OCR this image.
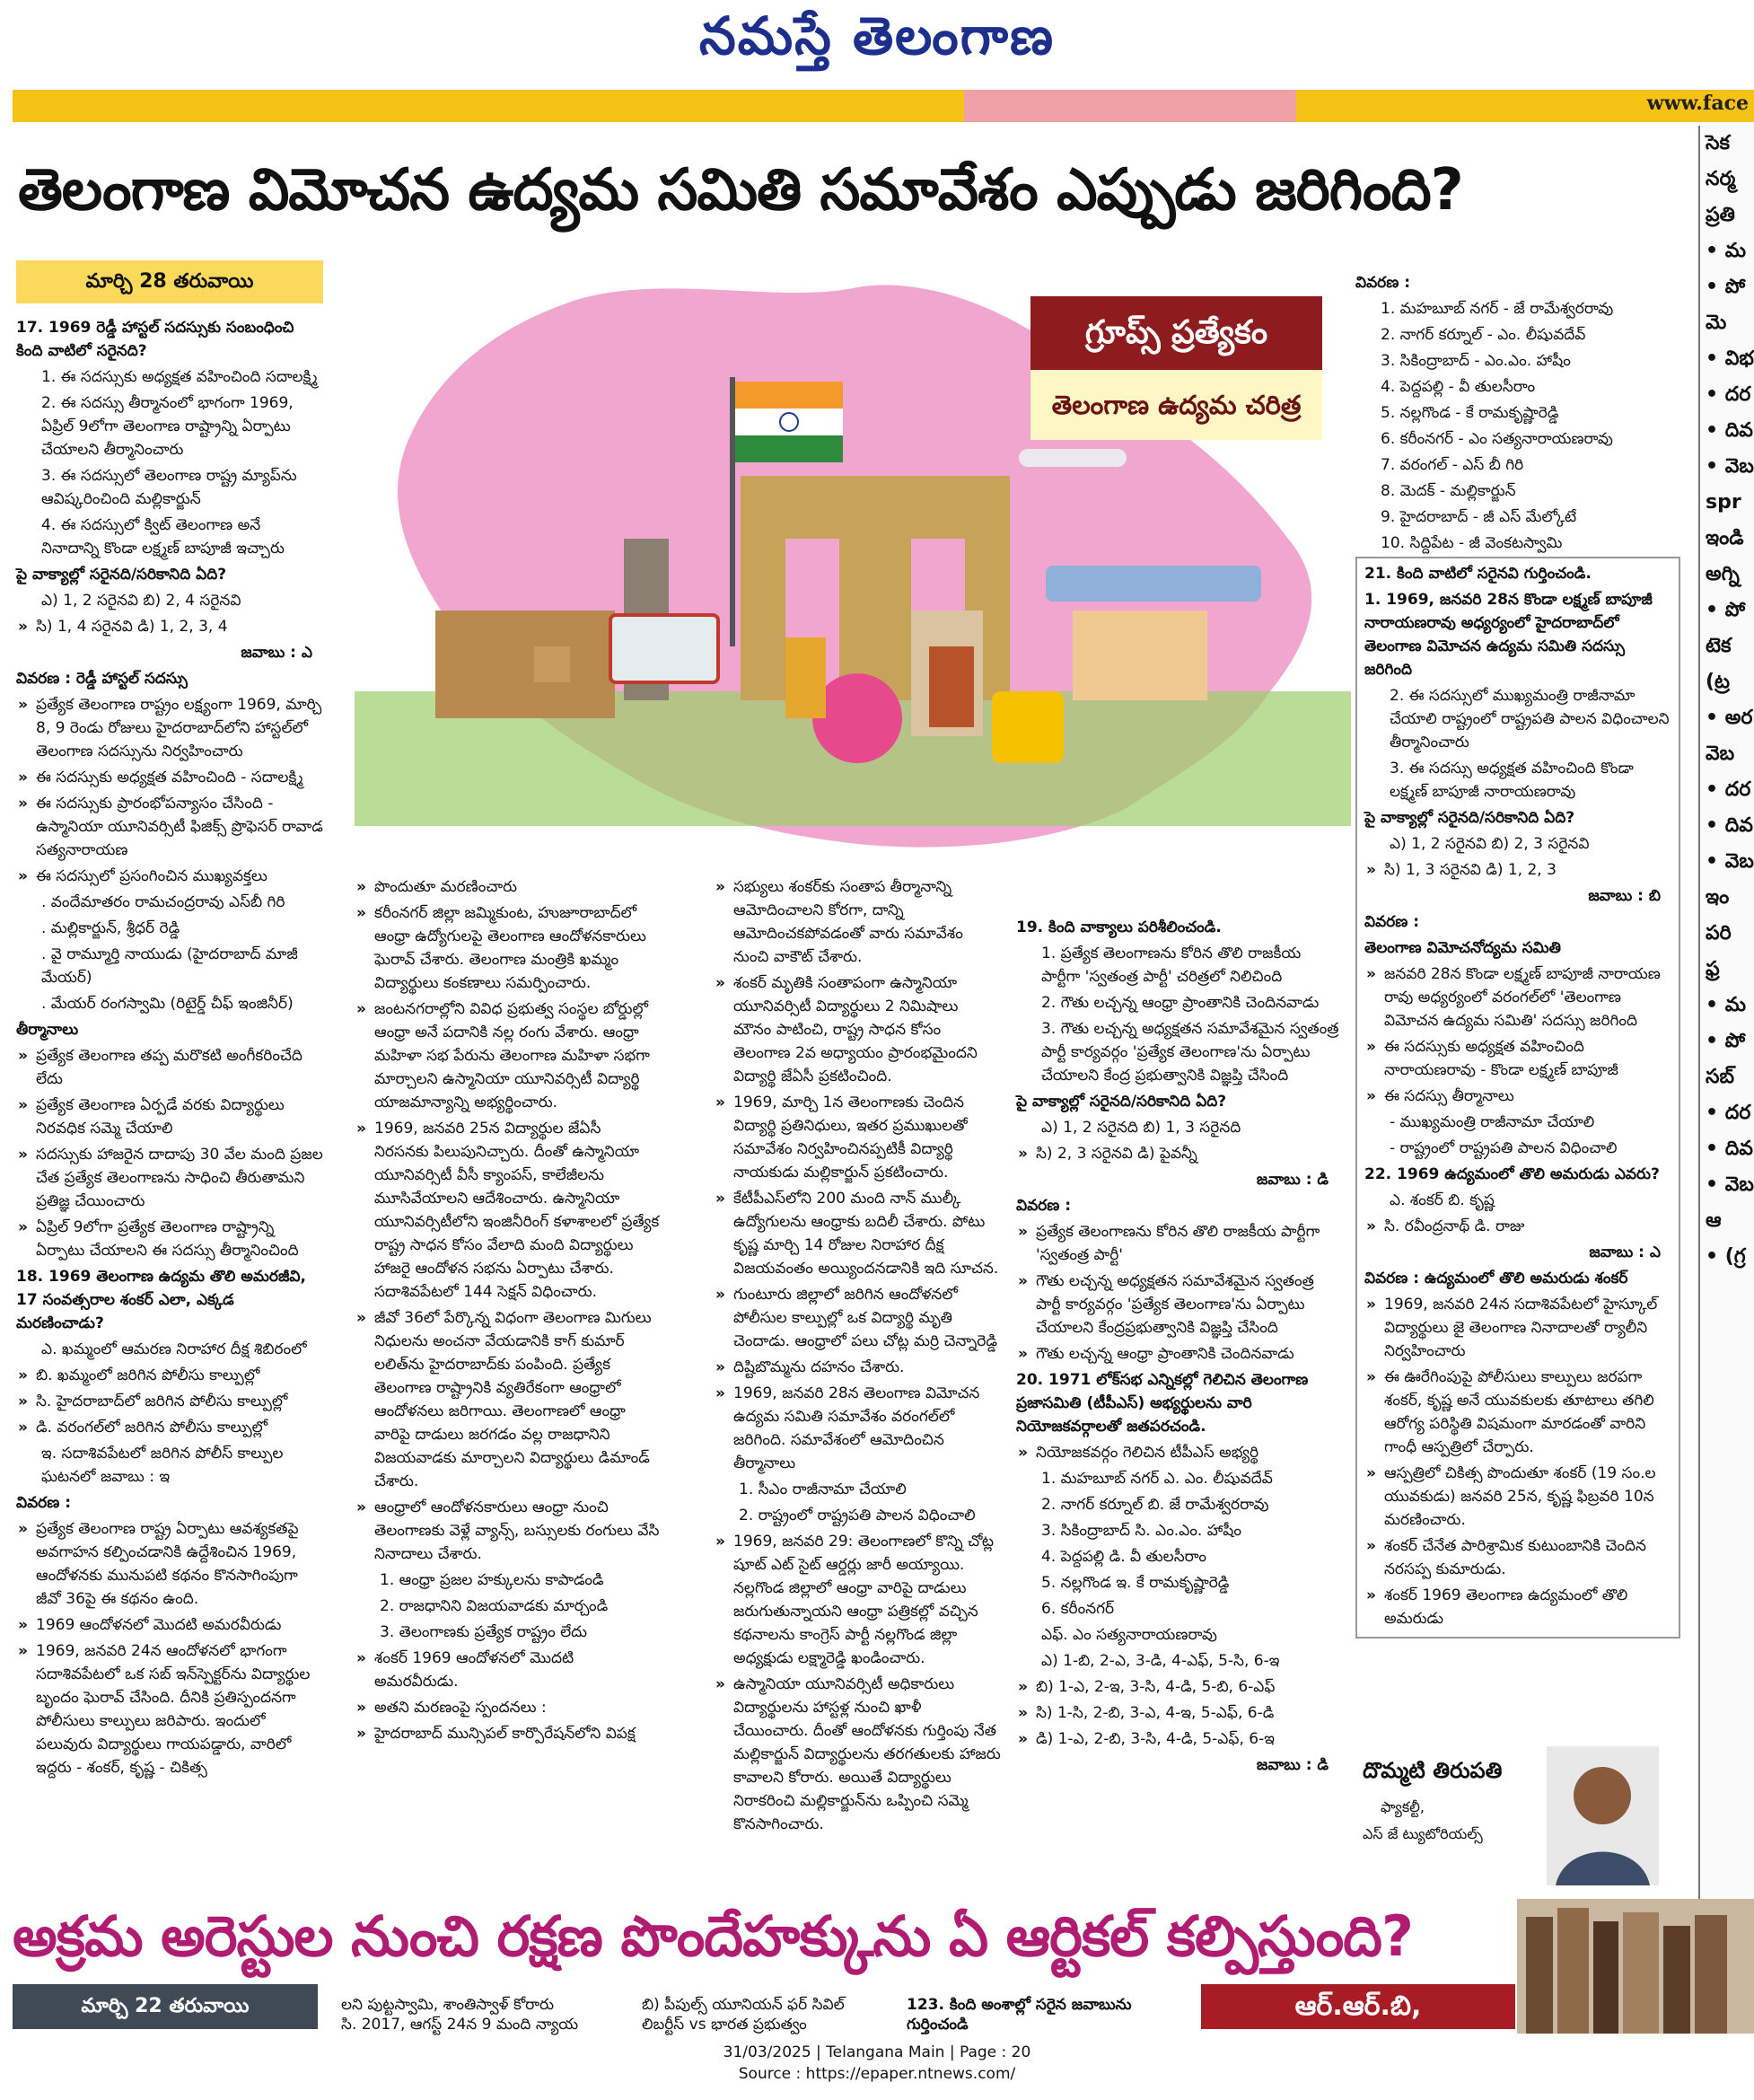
నమస్తే తెలంగాణ
www.face
తెలంగాణ విమోచన ఉద్యమ సమితి సమావేశం ఎప్పుడు జరిగింది?
సెక
నర్మ
ప్రతి
• మ
• పో
మె
• విభ
• దర
• దివ
• వెబ
spr
ఇండి
అగ్ని
• పో
టెక
(ట్ర
• అర
వెబ
• దర
• దివ
• వెబ
ఇం
పరి
ఫ్ర
• మ
• పో
సబ్
• దర
• దివ
• వెబ
ఆ
• (గ్ర
మార్చి 28 తరువాయి
గ్రూప్స్ ప్రత్యేకం
తెలంగాణ ఉద్యమ చరిత్ర

17. 1969 రెడ్డీ హాస్టల్ సదస్సుకు సంబంధించి కింది వాటిలో సరైనది?

1. ఈ సదస్సుకు అధ్యక్షత వహించింది సదాలక్ష్మి

2. ఈ సదస్సు తీర్మానంలో భాగంగా 1969, ఏప్రిల్ 9లోగా తెలంగాణ రాష్ట్రాన్ని ఏర్పాటు చేయాలని తీర్మానించారు

3. ఈ సదస్సులో తెలంగాణ రాష్ట్ర మ్యాప్‌ను ఆవిష్కరించింది మల్లికార్జున్

4. ఈ సదస్సులో క్విట్ తెలంగాణ అనే నినాదాన్ని కొండా లక్ష్మణ్ బాపూజీ ఇచ్చారు

పై వాక్యాల్లో సరైనది/సరికానిది ఏది?

ఎ) 1, 2 సరైనవి బి) 2, 4 సరైనవి

» సి) 1, 4 సరైనవి డి) 1, 2, 3, 4

జవాబు : ఎ

వివరణ : రెడ్డీ హాస్టల్ సదస్సు

» ప్రత్యేక తెలంగాణ రాష్ట్రం లక్ష్యంగా 1969, మార్చి 8, 9 రెండు రోజులు హైదరాబాద్‌లోని హాస్టల్‌లో తెలంగాణ సదస్సును నిర్వహించారు

» ఈ సదస్సుకు అధ్యక్షత వహించింది - సదాలక్ష్మి

» ఈ సదస్సుకు ప్రారంభోపన్యాసం చేసింది - ఉస్మానియా యూనివర్సిటీ ఫిజిక్స్ ప్రొఫెసర్ రావాడ సత్యనారాయణ

» ఈ సదస్సులో ప్రసంగించిన ముఖ్యవక్తలు

. వందేమాతరం రామచంద్రరావు ఎస్‌బీ గిరి

. మల్లికార్జున్, శ్రీధర్ రెడ్డి

. వై రామ్మూర్తి నాయుడు (హైదరాబాద్ మాజీ మేయర్)

. మేయర్ రంగస్వామి (రిటైర్డ్ చీఫ్ ఇంజినీర్)

తీర్మానాలు

» ప్రత్యేక తెలంగాణ తప్ప మరొకటి అంగీకరించేది లేదు

» ప్రత్యేక తెలంగాణ ఏర్పడే వరకు విద్యార్థులు నిరవధిక సమ్మె చేయాలి

» సదస్సుకు హాజరైన దాదాపు 30 వేల మంది ప్రజల చేత ప్రత్యేక తెలంగాణను సాధించి తీరుతామని ప్రతిజ్ఞ చేయించారు

» ఏప్రిల్ 9లోగా ప్రత్యేక తెలంగాణ రాష్ట్రాన్ని ఏర్పాటు చేయాలని ఈ సదస్సు తీర్మానించింది

18. 1969 తెలంగాణ ఉద్యమ తొలి అమరజీవి, 17 సంవత్సరాల శంకర్ ఎలా, ఎక్కడ మరణించాడు?

ఎ. ఖమ్మంలో ఆమరణ నిరాహార దీక్ష శిబిరంలో

» బి. ఖమ్మంలో జరిగిన పోలీసు కాల్పుల్లో

» సి. హైదరాబాద్‌లో జరిగిన పోలీసు కాల్పుల్లో

» డి. వరంగల్‌లో జరిగిన పోలీసు కాల్పుల్లో

ఇ. సదాశివపేటలో జరిగిన పోలీస్ కాల్పుల ఘటనలో జవాబు : ఇ

వివరణ :

» ప్రత్యేక తెలంగాణ రాష్ట్ర ఏర్పాటు ఆవశ్యకతపై అవగాహన కల్పించడానికి ఉద్దేశించిన 1969, ఆందోళనకు మునుపటి కథనం కొనసాగింపుగా జీవో 36పై ఈ కథనం ఉంది.

» 1969 ఆందోళనలో మొదటి అమరవీరుడు

» 1969, జనవరి 24న ఆందోళనలో భాగంగా సదాశివపేటలో ఒక సబ్ ఇన్‌స్పెక్టర్‌ను విద్యార్థుల బృందం ఘెరావ్ చేసింది. దీనికి ప్రతిస్పందనగా పోలీసులు కాల్పులు జరిపారు. ఇందులో పలువురు విద్యార్థులు గాయపడ్డారు, వారిలో ఇద్దరు - శంకర్, కృష్ణ - చికిత్స

» పొందుతూ మరణించారు

» కరీంనగర్ జిల్లా జమ్మికుంట, హుజూరాబాద్‌లో ఆంధ్రా ఉద్యోగులపై తెలంగాణ ఆందోళనకారులు ఘెరావ్ చేశారు. తెలంగాణ మంత్రికి ఖమ్మం విద్యార్థులు కంకణాలు సమర్పించారు.

» జంటనగరాల్లోని వివిధ ప్రభుత్వ సంస్థల బోర్డుల్లో ఆంధ్రా అనే పదానికి నల్ల రంగు వేశారు. ఆంధ్రా మహిళా సభ పేరును తెలంగాణ మహిళా సభగా మార్చాలని ఉస్మానియా యూనివర్సిటీ విద్యార్థి యాజమాన్యాన్ని అభ్యర్థించారు.

» 1969, జనవరి 25న విద్యార్థుల జేఏసీ నిరసనకు పిలుపునిచ్చారు. దీంతో ఉస్మానియా యూనివర్సిటీ వీసీ క్యాంపస్, కాలేజీలను మూసివేయాలని ఆదేశించారు. ఉస్మానియా యూనివర్సిటీలోని ఇంజినీరింగ్ కళాశాలలో ప్రత్యేక రాష్ట్ర సాధన కోసం వేలాది మంది విద్యార్థులు హాజరై ఆందోళన సభను ఏర్పాటు చేశారు. సదాశివపేటలో 144 సెక్షన్ విధించారు.

» జీవో 36లో పేర్కొన్న విధంగా తెలంగాణ మిగులు నిధులను అంచనా వేయడానికి కాగ్ కుమార్ లలిత్‌ను హైదరాబాద్‌కు పంపింది. ప్రత్యేక తెలంగాణ రాష్ట్రానికి వ్యతిరేకంగా ఆంధ్రాలో ఆందోళనలు జరిగాయి. తెలంగాణలో ఆంధ్రా వారిపై దాడులు జరగడం వల్ల రాజధానిని విజయవాడకు మార్చాలని విద్యార్థులు డిమాండ్ చేశారు.

» ఆంధ్రాలో ఆందోళనకారులు ఆంధ్రా నుంచి తెలంగాణకు వెళ్లే వ్యాన్స్, బస్సులకు రంగులు వేసి నినాదాలు చేశారు.

1. ఆంధ్రా ప్రజల హక్కులను కాపాడండి

2. రాజధానిని విజయవాడకు మార్చండి

3. తెలంగాణకు ప్రత్యేక రాష్ట్రం లేదు

» శంకర్ 1969 ఆందోళనలో మొదటి అమరవీరుడు.

» అతని మరణంపై స్పందనలు :

» హైదరాబాద్ మున్సిపల్ కార్పొరేషన్‌లోని విపక్ష

» సభ్యులు శంకర్‌కు సంతాప తీర్మానాన్ని ఆమోదించాలని కోరగా, దాన్ని ఆమోదించకపోవడంతో వారు సమావేశం నుంచి వాకౌట్ చేశారు.

» శంకర్ మృతికి సంతాపంగా ఉస్మానియా యూనివర్సిటీ విద్యార్థులు 2 నిమిషాలు మౌనం పాటించి, రాష్ట్ర సాధన కోసం తెలంగాణ 2వ అధ్యాయం ప్రారంభమైందని విద్యార్థి జేఏసీ ప్రకటించింది.

» 1969, మార్చి 1న తెలంగాణకు చెందిన విద్యార్థి ప్రతినిధులు, ఇతర ప్రముఖులతో సమావేశం నిర్వహించినప్పటికీ విద్యార్థి నాయకుడు మల్లికార్జున్ ప్రకటించారు.

» కేటీపీఎస్‌లోని 200 మంది నాన్ ముల్కీ ఉద్యోగులను ఆంధ్రాకు బదిలీ చేశారు. పోటు కృష్ణ మార్చి 14 రోజుల నిరాహార దీక్ష విజయవంతం అయ్యిందనడానికి ఇది సూచన.

» గుంటూరు జిల్లాలో జరిగిన ఆందోళనలో పోలీసుల కాల్పుల్లో ఒక విద్యార్థి మృతి చెందాడు. ఆంధ్రాలో పలు చోట్ల మర్రి చెన్నారెడ్డి

» దిష్టిబొమ్మను దహనం చేశారు.

» 1969, జనవరి 28న తెలంగాణ విమోచన ఉద్యమ సమితి సమావేశం వరంగల్‌లో జరిగింది. సమావేశంలో ఆమోదించిన తీర్మానాలు

1. సీఎం రాజీనామా చేయాలి

2. రాష్ట్రంలో రాష్ట్రపతి పాలన విధించాలి

» 1969, జనవరి 29: తెలంగాణలో కొన్ని చోట్ల షూట్ ఎట్ సైట్ ఆర్డర్లు జారీ అయ్యాయి. నల్లగొండ జిల్లాలో ఆంధ్రా వారిపై దాడులు జరుగుతున్నాయని ఆంధ్రా పత్రికల్లో వచ్చిన కథనాలను కాంగ్రెస్ పార్టీ నల్లగొండ జిల్లా అధ్యక్షుడు లక్ష్మారెడ్డి ఖండించారు.

» ఉస్మానియా యూనివర్సిటీ అధికారులు విద్యార్థులను హాస్టళ్ల నుంచి ఖాళీ చేయించారు. దీంతో ఆందోళనకు గుర్తింపు నేత మల్లికార్జున్ విద్యార్థులను తరగతులకు హాజరు కావాలని కోరారు. అయితే విద్యార్థులు నిరాకరించి మల్లికార్జున్‌ను ఒప్పించి సమ్మె కొనసాగించారు.

19. కింది వాక్యాలు పరిశీలించండి.

1. ప్రత్యేక తెలంగాణను కోరిన తొలి రాజకీయ పార్టీగా 'స్వతంత్ర పార్టీ' చరిత్రలో నిలిచింది

2. గౌతు లచ్చన్న ఆంధ్రా ప్రాంతానికి చెందినవాడు

3. గౌతు లచ్చన్న అధ్యక్షతన సమావేశమైన స్వతంత్ర పార్టీ కార్యవర్గం 'ప్రత్యేక తెలంగాణ'ను ఏర్పాటు చేయాలని కేంద్ర ప్రభుత్వానికి విజ్ఞప్తి చేసింది

పై వాక్యాల్లో సరైనది/సరికానిది ఏది?

ఎ) 1, 2 సరైనది బి) 1, 3 సరైనది

» సి) 2, 3 సరైనవి డి) పైవన్నీ

జవాబు : డి

వివరణ :

» ప్రత్యేక తెలంగాణను కోరిన తొలి రాజకీయ పార్టీగా 'స్వతంత్ర పార్టీ'

» గౌతు లచ్చన్న అధ్యక్షతన సమావేశమైన స్వతంత్ర పార్టీ కార్యవర్గం 'ప్రత్యేక తెలంగాణ'ను ఏర్పాటు చేయాలని కేంద్రప్రభుత్వానికి విజ్ఞప్తి చేసింది

» గౌతు లచ్చన్న ఆంధ్రా ప్రాంతానికి చెందినవాడు

20. 1971 లోక్‌సభ ఎన్నికల్లో గెలిచిన తెలంగాణ ప్రజాసమితి (టీపీఎస్) అభ్యర్థులను వారి నియోజకవర్గాలతో జతపరచండి.

» నియోజకవర్గం గెలిచిన టీపీఎస్ అభ్యర్థి

1. మహబూబ్ నగర్ ఎ. ఎం. లీషువదేవ్

2. నాగర్ కర్నూల్ బి. జే రామేశ్వరరావు

3. సికింద్రాబాద్ సి. ఎం.ఎం. హాషీం

4. పెద్దపల్లి డి. వీ తులసీరాం

5. నల్లగొండ ఇ. కే రామకృష్ణారెడ్డి

6. కరీంనగర్

ఎఫ్. ఎం సత్యనారాయణరావు

ఎ) 1-బి, 2-ఎ, 3-డి, 4-ఎఫ్, 5-సి, 6-ఇ

» బి) 1-ఎ, 2-ఇ, 3-సి, 4-డి, 5-బి, 6-ఎఫ్

» సి) 1-సి, 2-బి, 3-ఎ, 4-ఇ, 5-ఎఫ్, 6-డి

» డి) 1-ఎ, 2-బి, 3-సి, 4-డి, 5-ఎఫ్, 6-ఇ

జవాబు : డి

వివరణ :

1. మహబూబ్ నగర్ - జే రామేశ్వరరావు

2. నాగర్ కర్నూల్ - ఎం. లీషువదేవ్

3. సికింద్రాబాద్ - ఎం.ఎం. హాషీం

4. పెద్దపల్లి - వీ తులసీరాం

5. నల్లగొండ - కే రామకృష్ణారెడ్డి

6. కరీంనగర్ - ఎం సత్యనారాయణరావు

7. వరంగల్ - ఎస్ బీ గిరి

8. మెదక్ - మల్లికార్జున్

9. హైదరాబాద్ - జీ ఎస్ మేల్కోటే

10. సిద్దిపేట - జీ వెంకటస్వామి

21. కింది వాటిలో సరైనవి గుర్తించండి.

1. 1969, జనవరి 28న కొండా లక్ష్మణ్ బాపూజీ నారాయణరావు అధ్యర్యంలో హైదరాబాద్‌లో తెలంగాణ విమోచన ఉద్యమ సమితి సదస్సు జరిగింది

2. ఈ సదస్సులో ముఖ్యమంత్రి రాజీనామా చేయాలి రాష్ట్రంలో రాష్ట్రపతి పాలన విధించాలని తీర్మానించారు

3. ఈ సదస్సు అధ్యక్షత వహించింది కొండా లక్ష్మణ్ బాపూజీ నారాయణరావు

పై వాక్యాల్లో సరైనది/సరికానిది ఏది?

ఎ) 1, 2 సరైనవి బి) 2, 3 సరైనవి

» సి) 1, 3 సరైనవి డి) 1, 2, 3

జవాబు : బి

వివరణ :

తెలంగాణ విమోచనోద్యమ సమితి

» జనవరి 28న కొండా లక్ష్మణ్ బాపూజీ నారాయణ రావు అధ్యర్యంలో వరంగల్‌లో 'తెలంగాణ విమోచన ఉద్యమ సమితి' సదస్సు జరిగింది

» ఈ సదస్సుకు అధ్యక్షత వహించింది నారాయణరావు - కొండా లక్ష్మణ్ బాపూజీ

» ఈ సదస్సు తీర్మానాలు

- ముఖ్యమంత్రి రాజీనామా చేయాలి

- రాష్ట్రంలో రాష్ట్రపతి పాలన విధించాలి

22. 1969 ఉద్యమంలో తొలి అమరుడు ఎవరు?

ఎ. శంకర్ బి. కృష్ణ

» సి. రవీంద్రనాథ్ డి. రాజు

జవాబు : ఎ

వివరణ : ఉద్యమంలో తొలి అమరుడు శంకర్

» 1969, జనవరి 24న సదాశివపేటలో హైస్కూల్ విద్యార్థులు జై తెలంగాణ నినాదాలతో ర్యాలీని నిర్వహించారు

» ఈ ఊరేగింపుపై పోలీసులు కాల్పులు జరపగా శంకర్, కృష్ణ అనే యువకులకు తూటాలు తగిలి ఆరోగ్య పరిస్థితి విషమంగా మారడంతో వారిని గాంధీ ఆస్పత్రిలో చేర్పారు.

» ఆస్పత్రిలో చికిత్స పొందుతూ శంకర్ (19 సం.ల యువకుడు) జనవరి 25న, కృష్ణ ఫిబ్రవరి 10న మరణించారు.

» శంకర్ చేనేత పారిశ్రామిక కుటుంబానికి చెందిన నరసప్ప కుమారుడు.

» శంకర్ 1969 తెలంగాణ ఉద్యమంలో తొలి అమరుడు

దొమ్మటి తిరుపతి
ఫ్యాకల్టీ,
ఎస్ జే ట్యుటోరియల్స్
అక్రమ అరెస్టుల నుంచి రక్షణ పొందేహక్కును ఏ ఆర్టికల్ కల్పిస్తుంది?
మార్చి 22 తరువాయి	లని పుట్టస్వామి, శాంతిస్వాళ్ కోరారు
సి. 2017, ఆగస్ట్ 24న 9 మంది న్యాయ
బి) పీపుల్స్ యూనియన్ ఫర్ సివిల్
లిబర్టీస్ vs భారత ప్రభుత్వం
123. కింది అంశాల్లో సరైన జవాబును
గుర్తించండి
ఆర్.ఆర్.బి,
31/03/2025 | Telangana Main | Page : 20
Source : https://epaper.ntnews.com/
